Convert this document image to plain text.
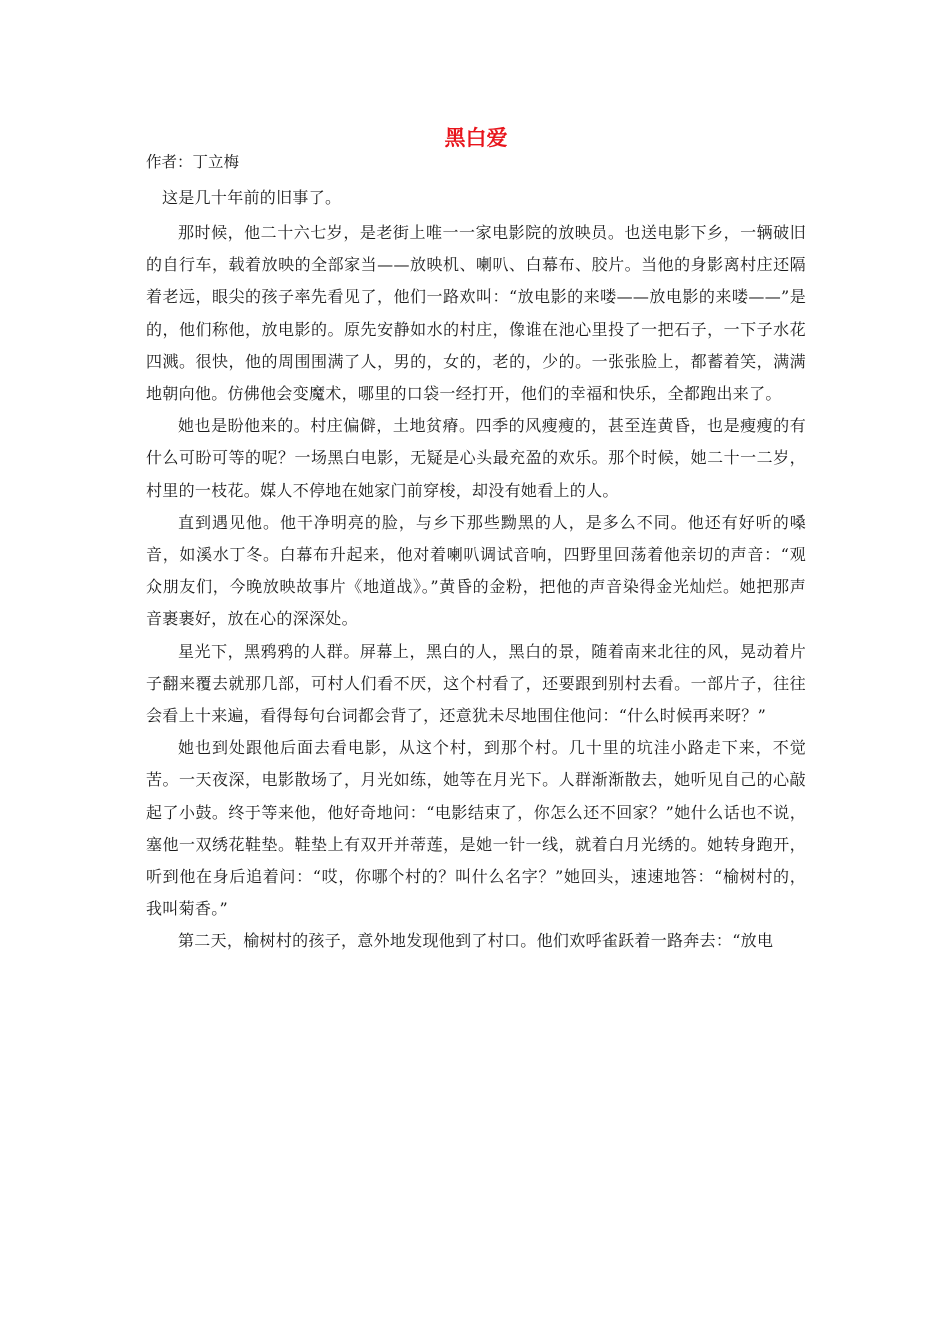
黑白爱

作者：丁立梅

这是几十年前的旧事了。

那时候，他二十六七岁，是老街上唯一一家电影院的放映员。也送电影下乡，一辆破旧的自行车，载着放映的全部家当——放映机、喇叭、白幕布、胶片。当他的身影离村庄还隔着老远，眼尖的孩子率先看见了，他们一路欢叫：“放电影的来喽——放电影的来喽——”是的，他们称他，放电影的。原先安静如水的村庄，像谁在池心里投了一把石子，一下子水花四溅。很快，他的周围围满了人，男的，女的，老的，少的。一张张脸上，都蓄着笑，满满地朝向他。仿佛他会变魔术，哪里的口袋一经打开，他们的幸福和快乐，全都跑出来了。

她也是盼他来的。村庄偏僻，土地贫瘠。四季的风瘦瘦的，甚至连黄昏，也是瘦瘦的有什么可盼可等的呢？一场黑白电影，无疑是心头最充盈的欢乐。那个时候，她二十一二岁，村里的一枝花。媒人不停地在她家门前穿梭，却没有她看上的人。

直到遇见他。他干净明亮的脸，与乡下那些黝黑的人，是多么不同。他还有好听的嗓音，如溪水丁冬。白幕布升起来，他对着喇叭调试音响，四野里回荡着他亲切的声音：“观众朋友们，今晚放映故事片《地道战》。”黄昏的金粉，把他的声音染得金光灿烂。她把那声音裹裹好，放在心的深深处。

星光下，黑鸦鸦的人群。屏幕上，黑白的人，黑白的景，随着南来北往的风，晃动着片子翻来覆去就那几部，可村人们看不厌，这个村看了，还要跟到别村去看。一部片子，往往会看上十来遍，看得每句台词都会背了，还意犹未尽地围住他问：“什么时候再来呀？”

她也到处跟他后面去看电影，从这个村，到那个村。几十里的坑洼小路走下来，不觉苦。一天夜深，电影散场了，月光如练，她等在月光下。人群渐渐散去，她听见自己的心敲起了小鼓。终于等来他，他好奇地问：“电影结束了，你怎么还不回家？”她什么话也不说，塞他一双绣花鞋垫。鞋垫上有双开并蒂莲，是她一针一线，就着白月光绣的。她转身跑开，听到他在身后追着问：“哎，你哪个村的？叫什么名字？”她回头，速速地答：“榆树村的，我叫菊香。”

第二天，榆树村的孩子，意外地发现他到了村口。他们欢呼雀跃着一路奔去：“放电
